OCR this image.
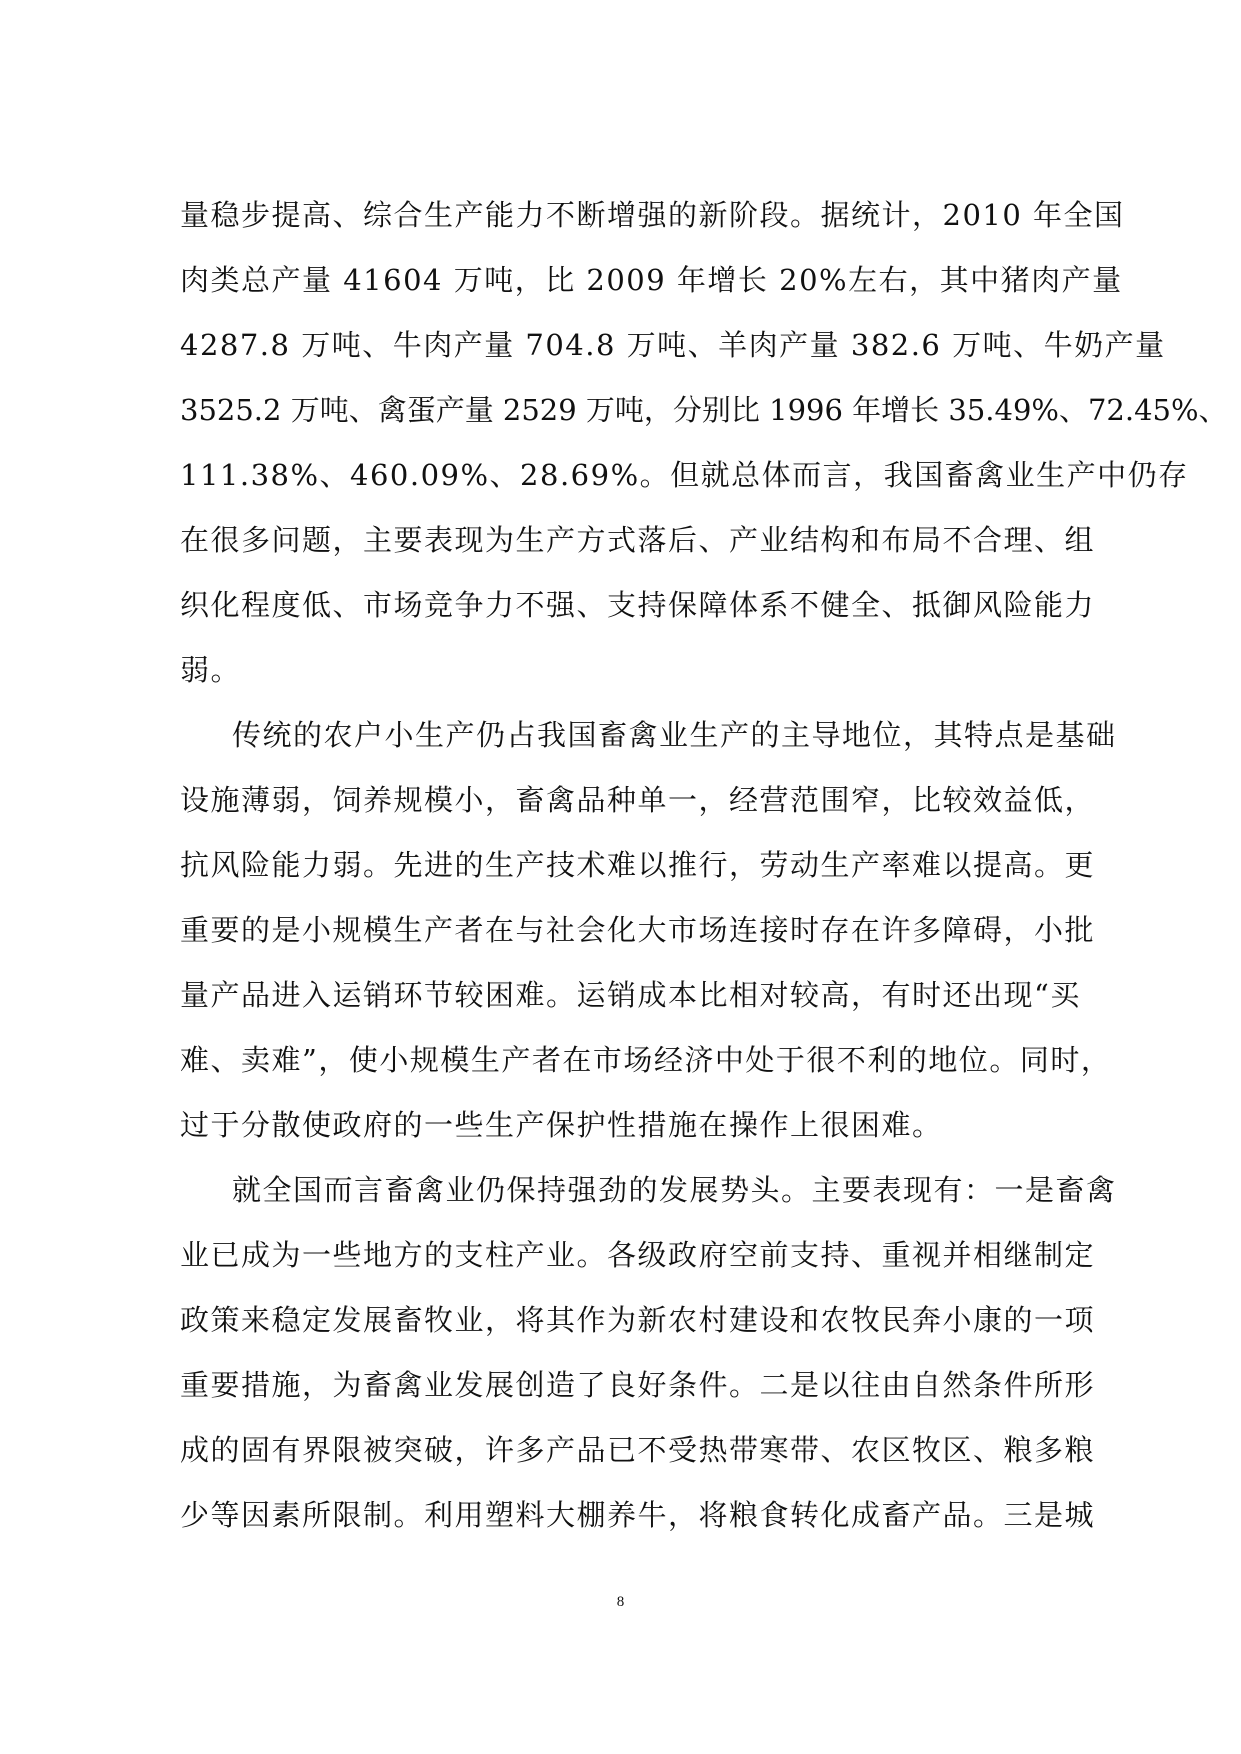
量稳步提高、综合生产能力不断增强的新阶段。据统计，2010 年全国
肉类总产量 41604 万吨，比 2009 年增长 20%左右，其中猪肉产量
4287.8 万吨、牛肉产量 704.8 万吨、羊肉产量 382.6 万吨、牛奶产量
3525.2 万吨、禽蛋产量 2529 万吨，分别比 1996 年增长 35.49%、72.45%、
111.38%、460.09%、28.69%。但就总体而言，我国畜禽业生产中仍存
在很多问题，主要表现为生产方式落后、产业结构和布局不合理、组
织化程度低、市场竞争力不强、支持保障体系不健全、抵御风险能力
弱。
传统的农户小生产仍占我国畜禽业生产的主导地位，其特点是基础
设施薄弱，饲养规模小，畜禽品种单一，经营范围窄，比较效益低，
抗风险能力弱。先进的生产技术难以推行，劳动生产率难以提高。更
重要的是小规模生产者在与社会化大市场连接时存在许多障碍，小批
量产品进入运销环节较困难。运销成本比相对较高，有时还出现“买
难、卖难”，使小规模生产者在市场经济中处于很不利的地位。同时，
过于分散使政府的一些生产保护性措施在操作上很困难。
就全国而言畜禽业仍保持强劲的发展势头。主要表现有：一是畜禽
业已成为一些地方的支柱产业。各级政府空前支持、重视并相继制定
政策来稳定发展畜牧业，将其作为新农村建设和农牧民奔小康的一项
重要措施，为畜禽业发展创造了良好条件。二是以往由自然条件所形
成的固有界限被突破，许多产品已不受热带寒带、农区牧区、粮多粮
少等因素所限制。利用塑料大棚养牛，将粮食转化成畜产品。三是城
8
